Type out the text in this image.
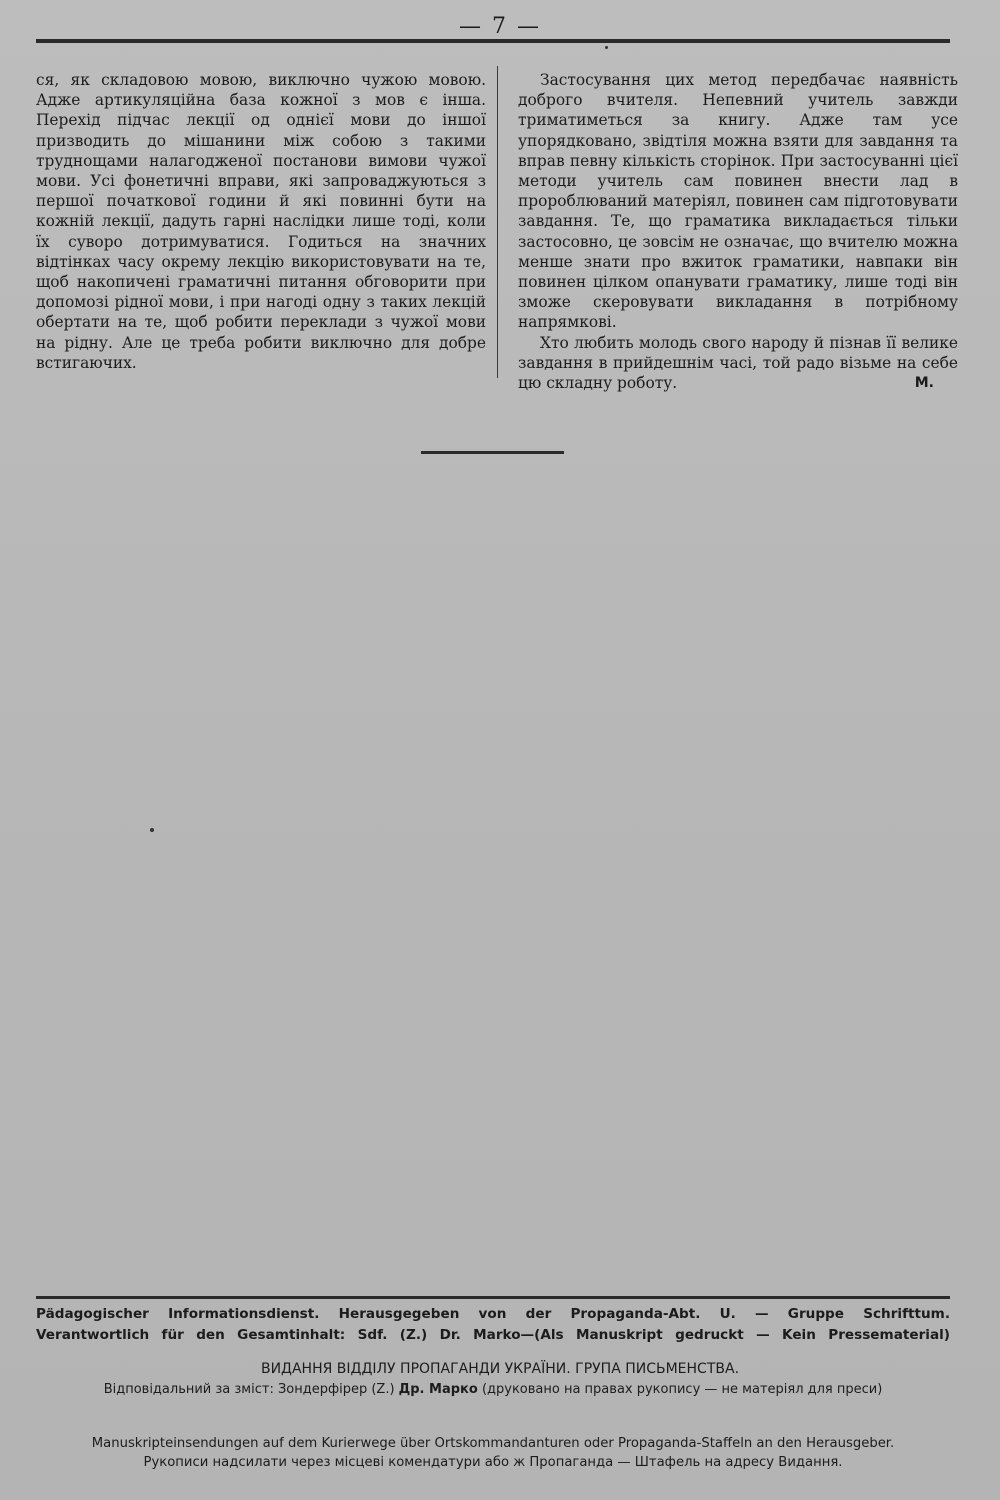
— 7 —

ся, як складовою мовою, виключно чужою мовою. Адже артикуляційна база кожної з мов є інша. Перехід підчас лекції од однієї мови до іншої призводить до мішанини між собою з такими труднощами налагодженої постанови вимови чужої мови. Усі фонетичні вправи, які запроваджуються з першої початкової години й які повинні бути на кожній лекції, дадуть гарні наслідки лише тоді, коли їх суворо дотримуватися. Годиться на значних відтінках часу окрему лекцію використовувати на те, щоб накопичені граматичні питання обговорити при допомозі рідної мови, і при нагоді одну з таких лекцій обертати на те, щоб робити переклади з чужої мови на рідну. Але це треба робити виключно для добре встигаючих.

Застосування цих метод передбачає наявність доброго вчителя. Непевний учитель завжди триматиметься за книгу. Адже там усе упорядковано, звідтіля можна взяти для завдання та вправ певну кількість сторінок. При застосуванні цієї методи учитель сам повинен внести лад в пророблюваний матеріял, повинен сам підготовувати завдання. Те, що граматика викладається тільки застосовно, це зовсім не означає, що вчителю можна менше знати про вжиток граматики, навпаки він повинен цілком опанувати граматику, лише тоді він зможе скеровувати викладання в потрібному напрямкові.

Хто любить молодь свого народу й пізнав її велике завдання в прийдешнім часі, той радо візьме на себе цю складну роботу.	М.

Pädagogischer Informationsdienst. Herausgegeben von der Propaganda-Abt. U. — Gruppe Schrifttum.
Verantwortlich für den Gesamtinhalt: Sdf. (Z.) Dr. Marko—(Als Manuskript gedruckt — Kein Pressematerial)
ВИДАННЯ ВІДДІЛУ ПРОПАГАНДИ УКРАЇНИ. ГРУПА ПИСЬМЕНСТВА.
Відповідальний за зміст: Зондерфірер (Z.) Др. Марко (друковано на правах рукопису — не матеріял для преси)
Manuskripteinsendungen auf dem Kurierwege über Ortskommandanturen oder Propaganda-Staffeln an den Herausgeber.
Рукописи надсилати через місцеві комендатури або ж Пропаганда — Штафель на адресу Видання.
